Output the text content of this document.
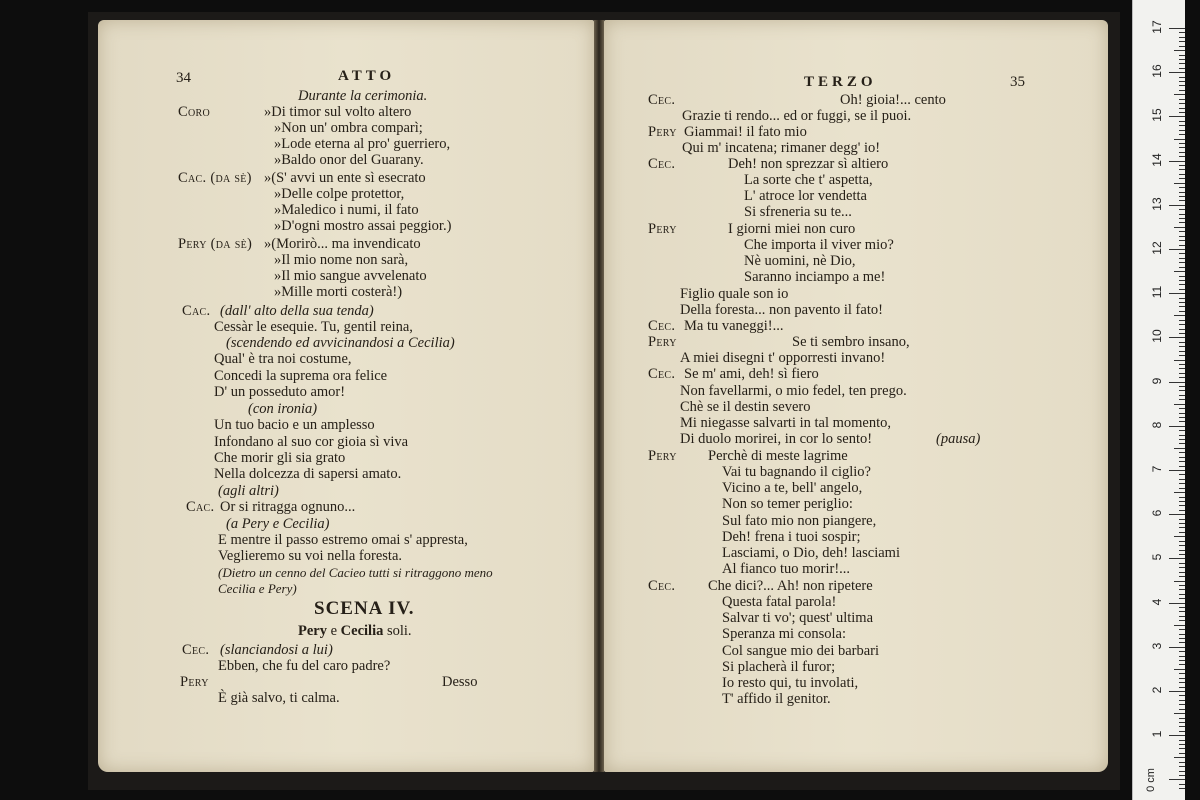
34	ATTO
Durante la cerimonia.
Coro	»Di timor sul volto altero
»Non un' ombra comparì;
»Lode eterna al pro' guerriero,
»Baldo onor del Guarany.
Cac. (da sè) »(S' avvi un ente sì esecrato
»Delle colpe protettor,
»Maledico i numi, il fato
»D'ogni mostro assai peggior.)
Pery (da sè) »(Morirò... ma invendicato
»Il mio nome non sarà,
»Il mio sangue avvelenato
»Mille morti costerà!)
Cac. (dall' alto della sua tenda)
Cessàr le esequie. Tu, gentil reina,
(scendendo ed avvicinandosi a Cecilia)
Qual' è tra noi costume,
Concedi la suprema ora felice
D' un posseduto amor!
(con ironia)
Un tuo bacio e un amplesso
Infondano al suo cor gioia sì viva
Che morir gli sia grato
Nella dolcezza di sapersi amato.
(agli altri)
Cac. Or si ritragga ognuno...
(a Pery e Cecilia)
E mentre il passo estremo omai s' appresta,
Veglieremo su voi nella foresta.
(Dietro un cenno del Cacieo tutti si ritraggono meno
Cecilia e Pery)
SCENA IV.
Pery e Cecilia soli.
Cec. (slanciandosi a lui)
Ebben, che fu del caro padre?
Pery	Desso
È già salvo, ti calma.
TERZO	35
Cec.	Oh! gioia!... cento
Grazie ti rendo... ed or fuggi, se il puoi.
Pery Giammai! il fato mio
Qui m' incatena; rimaner degg' io!
Cec.	Deh! non sprezzar sì altiero
La sorte che t' aspetta,
L' atroce lor vendetta
Si sfreneria su te...
Pery	I giorni miei non curo
Che importa il viver mio?
Nè uomini, nè Dio,
Saranno inciampo a me!
Figlio quale son io
Della foresta... non pavento il fato!
Cec. Ma tu vaneggi!...
Pery	Se ti sembro insano,
A miei disegni t' opporresti invano!
Cec. Se m' ami, deh! sì fiero
Non favellarmi, o mio fedel, ten prego.
Chè se il destin severo
Mi niegasse salvarti in tal momento,
Di duolo morirei, in cor lo sento!	(pausa)
Pery Perchè di meste lagrime
Vai tu bagnando il ciglio?
Vicino a te, bell' angelo,
Non so temer periglio:
Sul fato mio non piangere,
Deh! frena i tuoi sospir;
Lasciami, o Dio, deh! lasciami
Al fianco tuo morir!...
Cec. Che dici?... Ah! non ripetere
Questa fatal parola!
Salvar ti vo'; quest' ultima
Speranza mi consola:
Col sangue mio dei barbari
Si placherà il furor;
Io resto qui, tu involati,
T' affido il genitor.
17
16
15
14
13
12
11
10
9
8
7
6
5
4
3
2
1
0 cm
